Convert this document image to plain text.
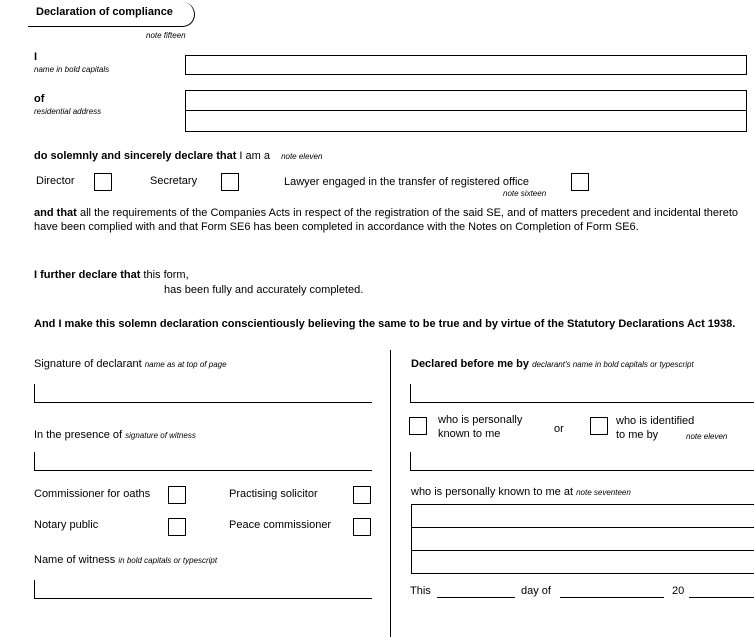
Declaration of compliance
note fifteen
I
name in bold capitals
of
residential address
do solemnly and sincerely declare that I am a note eleven
Director	Secretary	Lawyer engaged in the transfer of registered office
note sixteen
and that all the requirements of the Companies Acts in respect of the registration of the said SE, and of matters precedent and incidental thereto have been complied with and that Form SE6 has been completed in accordance with the Notes on Completion of Form SE6.
I further declare that this form,
has been fully and accurately completed.
And I make this solemn declaration conscientiously believing the same to be true and by virtue of the Statutory Declarations Act 1938.
Signature of declarant name as at top of page
In the presence of signature of witness
Commissioner for oaths	Practising solicitor
Notary public	Peace commissioner
Name of witness in bold capitals or typescript
Declared before me by declarant's name in bold capitals or typescript
who is personally
known to me	or
who is identified
to me by	note eleven
who is personally known to me at note seventeen
This	day of	20
